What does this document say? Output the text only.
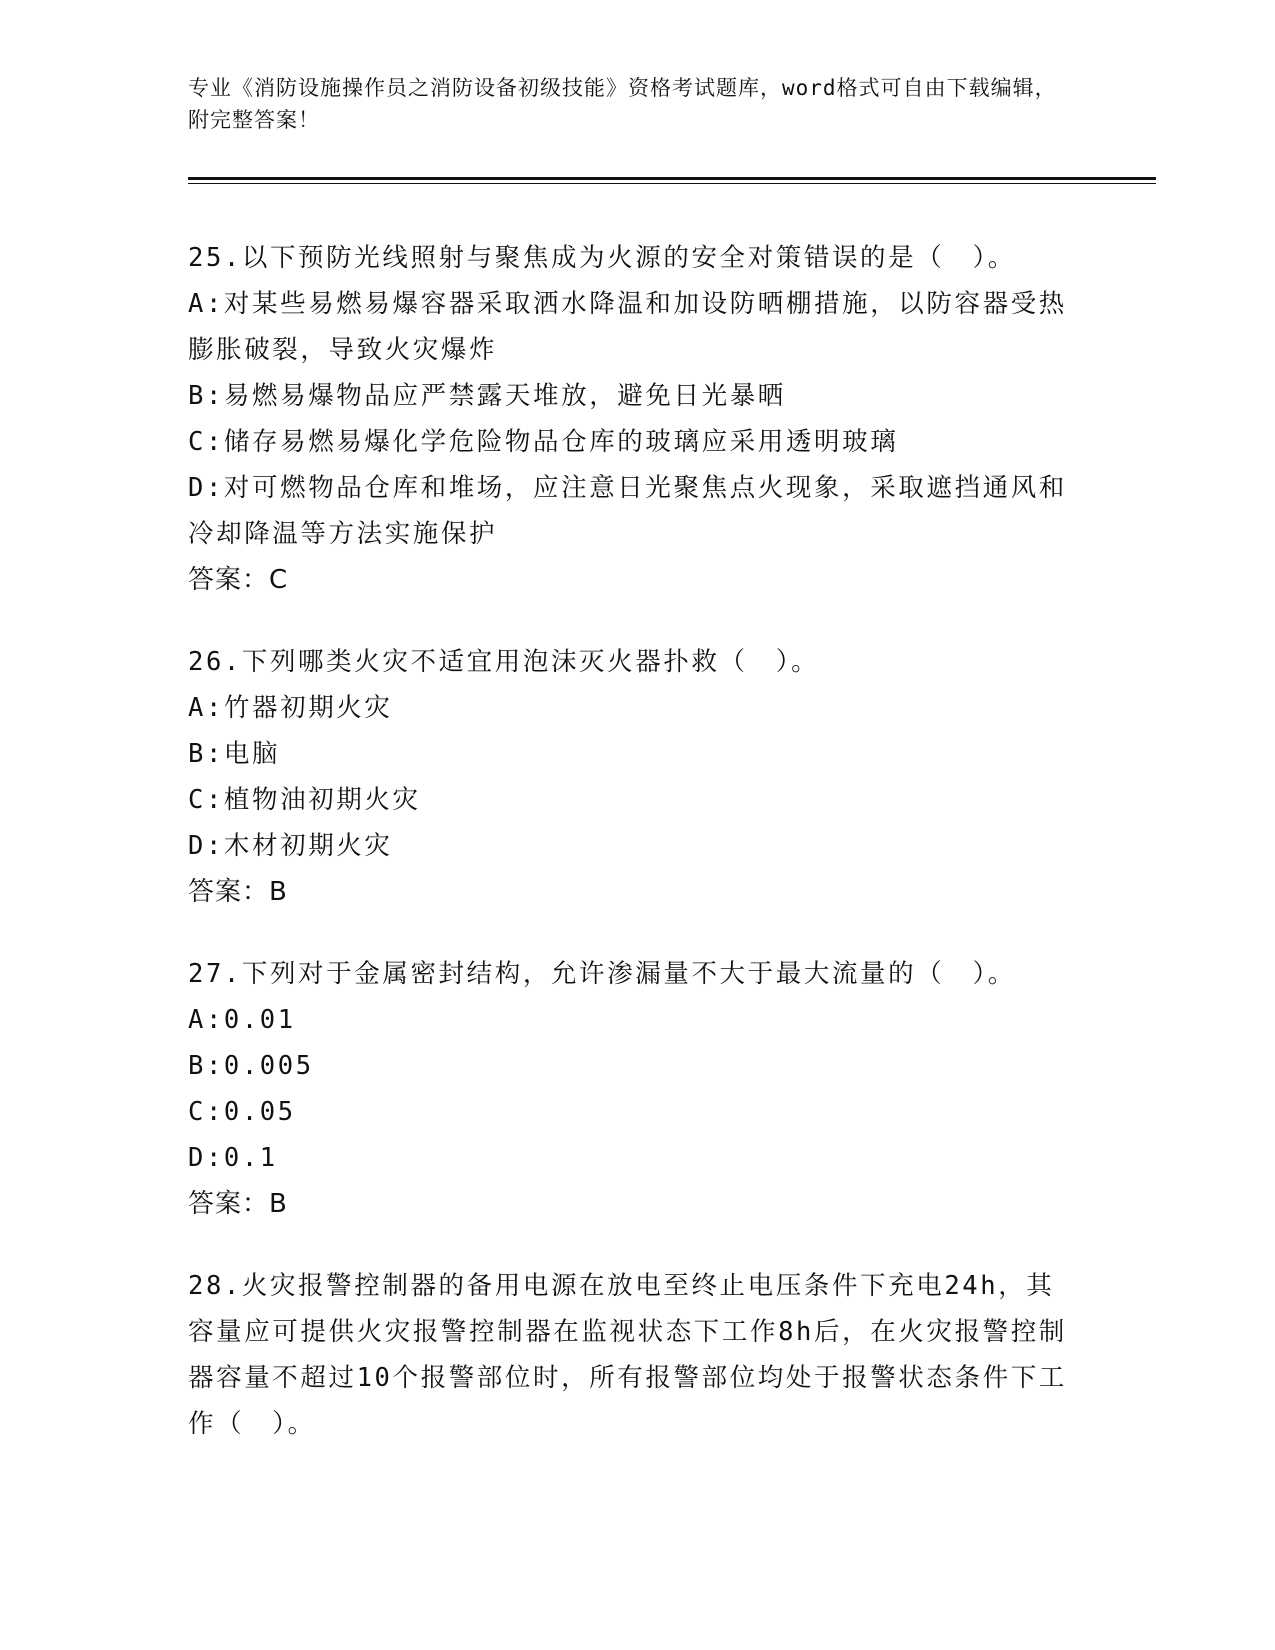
专业《消防设施操作员之消防设备初级技能》资格考试题库，word格式可自由下载编辑，附完整答案！
25.以下预防光线照射与聚焦成为火源的安全对策错误的是（　）。
A:对某些易燃易爆容器采取洒水降温和加设防晒棚措施，以防容器受热膨胀破裂，导致火灾爆炸
B:易燃易爆物品应严禁露天堆放，避免日光暴晒
C:储存易燃易爆化学危险物品仓库的玻璃应采用透明玻璃
D:对可燃物品仓库和堆场，应注意日光聚焦点火现象，采取遮挡通风和冷却降温等方法实施保护
答案：C
26.下列哪类火灾不适宜用泡沫灭火器扑救（　）。
A:竹器初期火灾
B:电脑
C:植物油初期火灾
D:木材初期火灾
答案：B
27.下列对于金属密封结构，允许渗漏量不大于最大流量的（　）。
A:0.01
B:0.005
C:0.05
D:0.1
答案：B
28.火灾报警控制器的备用电源在放电至终止电压条件下充电24h，其容量应可提供火灾报警控制器在监视状态下工作8h后，在火灾报警控制器容量不超过10个报警部位时，所有报警部位均处于报警状态条件下工作（　）。
